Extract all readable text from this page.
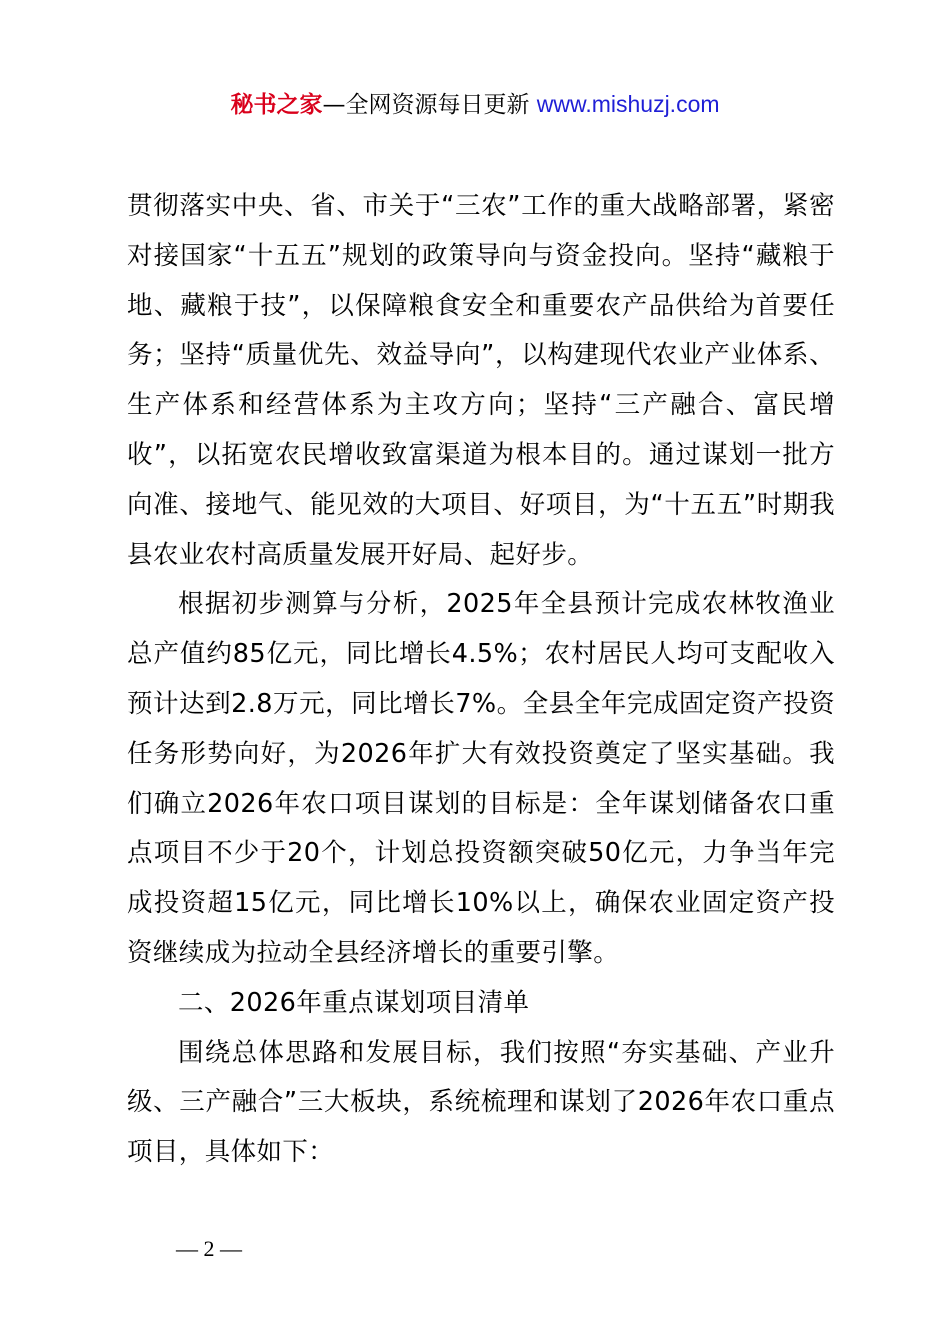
秘书之家—全网资源每日更新 www.mishuzj.com

贯彻落实中央、省、市关于“三农”工作的重大战略部署，紧密对接国家“十五五”规划的政策导向与资金投向。坚持“藏粮于地、藏粮于技”，以保障粮食安全和重要农产品供给为首要任务；坚持“质量优先、效益导向”，以构建现代农业产业体系、生产体系和经营体系为主攻方向；坚持“三产融合、富民增收”，以拓宽农民增收致富渠道为根本目的。通过谋划一批方向准、接地气、能见效的大项目、好项目，为“十五五”时期我县农业农村高质量发展开好局、起好步。

根据初步测算与分析，2025年全县预计完成农林牧渔业总产值约85亿元，同比增长4.5%；农村居民人均可支配收入预计达到2.8万元，同比增长7%。全县全年完成固定资产投资任务形势向好，为2026年扩大有效投资奠定了坚实基础。我们确立2026年农口项目谋划的目标是：全年谋划储备农口重点项目不少于20个，计划总投资额突破50亿元，力争当年完成投资超15亿元，同比增长10%以上，确保农业固定资产投资继续成为拉动全县经济增长的重要引擎。

二、2026年重点谋划项目清单

围绕总体思路和发展目标，我们按照“夯实基础、产业升级、三产融合”三大板块，系统梳理和谋划了2026年农口重点项目，具体如下：

— 2 —
